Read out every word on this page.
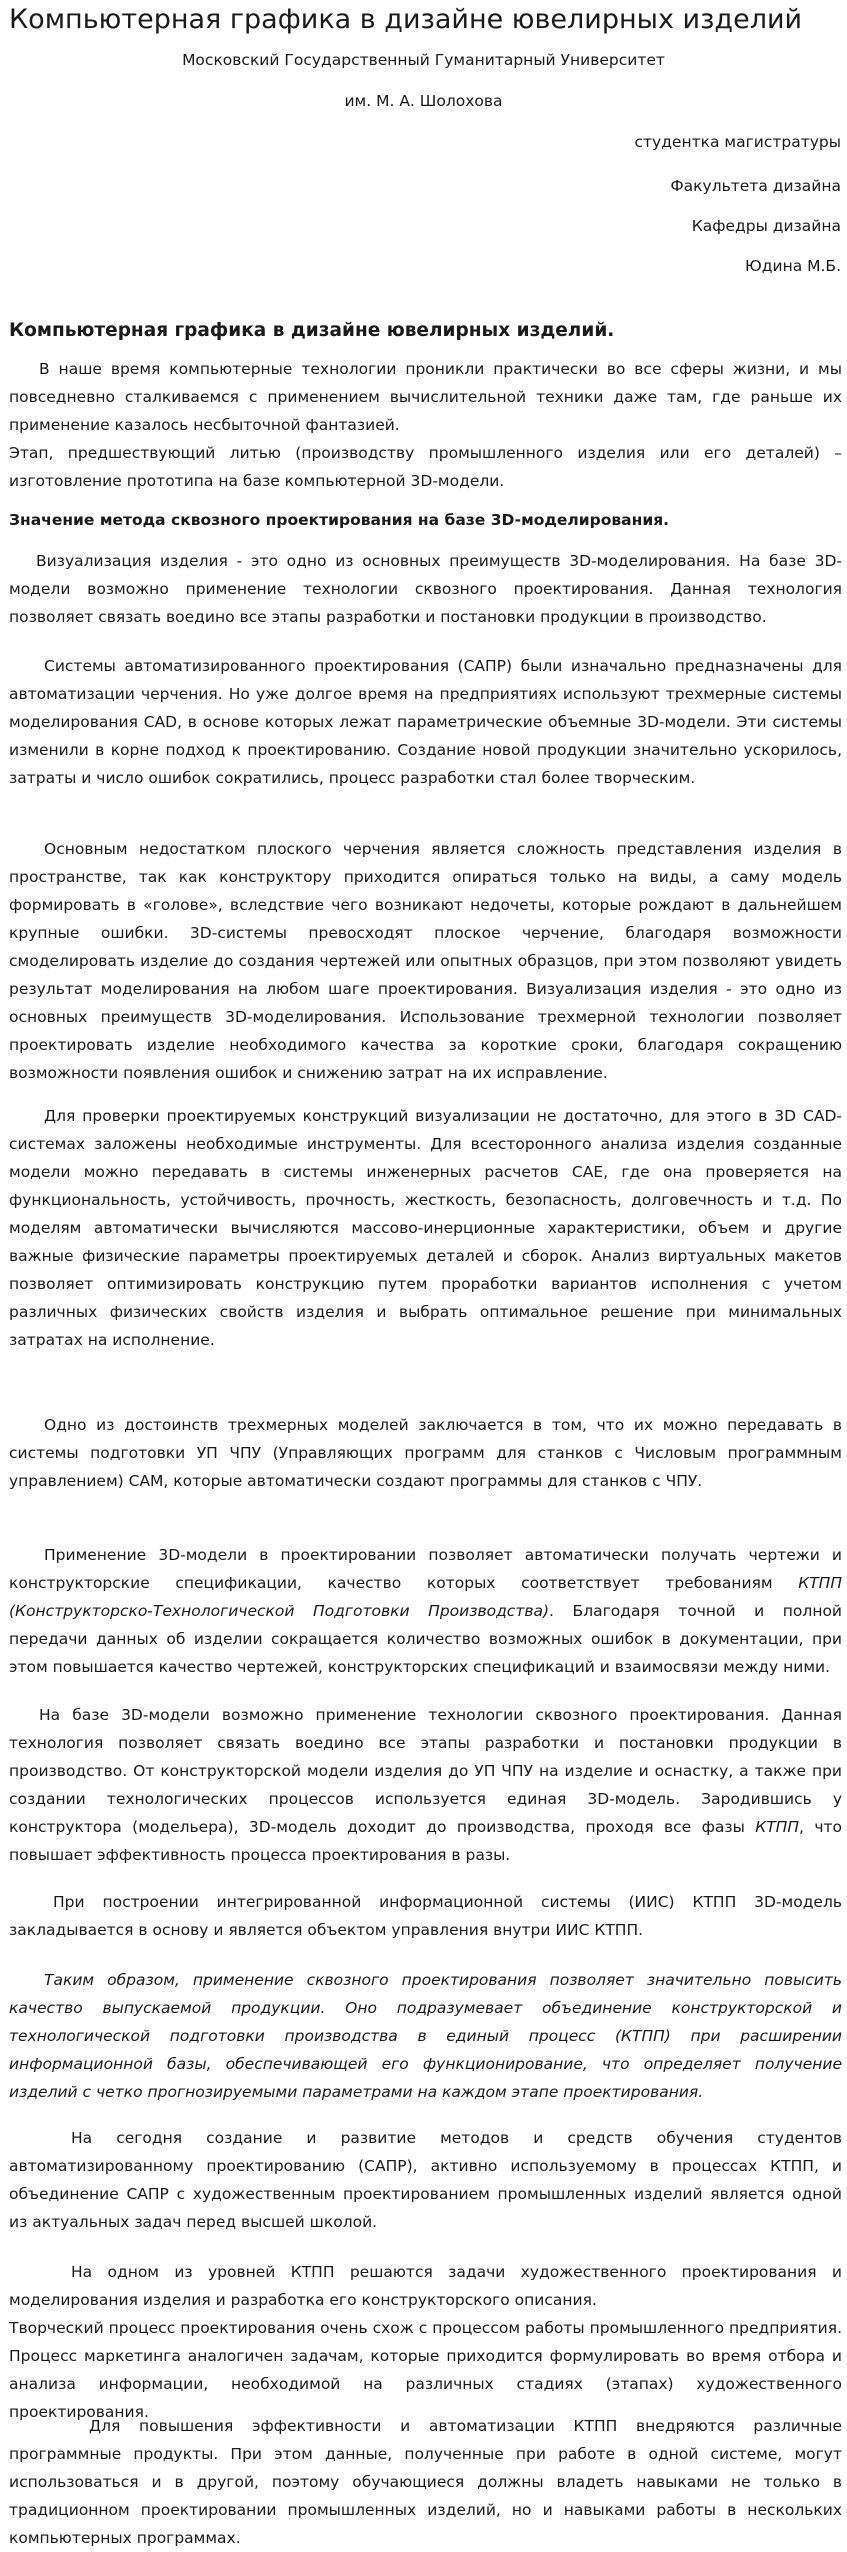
Компьютерная графика в дизайне ювелирных изделий
Московский Государственный Гуманитарный Университет
им. М. А. Шолохова
студентка магистратуры
Факультета дизайна
Кафедры дизайна
Юдина М.Б.
Компьютерная графика в дизайне ювелирных изделий.
В наше время компьютерные технологии проникли практически во все сферы жизни, и мы повседневно сталкиваемся с применением вычислительной техники даже там, где раньше их применение казалось несбыточной фантазией.
Этап, предшествующий литью (производству промышленного изделия или его деталей) – изготовление прототипа на базе компьютерной 3D-модели.
Значение метода сквозного проектирования на базе 3D-моделирования.
Визуализация изделия - это одно из основных преимуществ 3D-моделирования. На базе 3D-модели возможно применение технологии сквозного проектирования. Данная технология позволяет связать воедино все этапы разработки и постановки продукции в производство.
Системы автоматизированного проектирования (САПР) были изначально предназначены для автоматизации черчения. Но уже долгое время на предприятиях используют трехмерные системы моделирования CAD, в основе которых лежат параметрические объемные 3D-модели. Эти системы изменили в корне подход к проектированию. Создание новой продукции значительно ускорилось, затраты и число ошибок сократились, процесс разработки стал более творческим.
Основным недостатком плоского черчения является сложность представления изделия в пространстве, так как конструктору приходится опираться только на виды, а саму модель формировать в «голове», вследствие чего возникают недочеты, которые рождают в дальнейшем крупные ошибки. 3D-системы превосходят плоское черчение, благодаря возможности смоделировать изделие до создания чертежей или опытных образцов, при этом позволяют увидеть результат моделирования на любом шаге проектирования. Визуализация изделия - это одно из основных преимуществ 3D-моделирования. Использование трехмерной технологии позволяет проектировать изделие необходимого качества за короткие сроки, благодаря сокращению возможности появления ошибок и снижению затрат на их исправление.
Для проверки проектируемых конструкций визуализации не достаточно, для этого в 3D CAD-системах заложены необходимые инструменты. Для всесторонного анализа изделия созданные модели можно передавать в системы инженерных расчетов CAE, где она проверяется на функциональность, устойчивость, прочность, жесткость, безопасность, долговечность и т.д. По моделям автоматически вычисляются массово-инерционные характеристики, объем и другие важные физические параметры проектируемых деталей и сборок. Анализ виртуальных макетов позволяет оптимизировать конструкцию путем проработки вариантов исполнения с учетом различных физических свойств изделия и выбрать оптимальное решение при минимальных затратах на исполнение.
Одно из достоинств трехмерных моделей заключается в том, что их можно передавать в системы подготовки УП ЧПУ (Управляющих программ для станков с Числовым программным управлением) CAM, которые автоматически создают программы для станков с ЧПУ.
Применение 3D-модели в проектировании позволяет автоматически получать чертежи и конструкторские спецификации, качество которых соответствует требованиям КТПП (Конструкторско-Технологической Подготовки Производства). Благодаря точной и полной передачи данных об изделии сокращается количество возможных ошибок в документации, при этом повышается качество чертежей, конструкторских спецификаций и взаимосвязи между ними.
На базе 3D-модели возможно применение технологии сквозного проектирования. Данная технология позволяет связать воедино все этапы разработки и постановки продукции в производство. От конструкторской модели изделия до УП ЧПУ на изделие и оснастку, а также при создании технологических процессов используется единая 3D-модель. Зародившись у конструктора (модельера), 3D-модель доходит до производства, проходя все фазы КТПП, что повышает эффективность процесса проектирования в разы.
При построении интегрированной информационной системы (ИИС) КТПП 3D-модель закладывается в основу и является объектом управления внутри ИИС КТПП.
Таким образом, применение сквозного проектирования позволяет значительно повысить качество выпускаемой продукции. Оно подразумевает объединение конструкторской и технологической подготовки производства в единый процесс (КТПП) при расширении информационной базы, обеспечивающей его функционирование, что определяет получение изделий с четко прогнозируемыми параметрами на каждом этапе проектирования.
На сегодня создание и развитие методов и средств обучения студентов автоматизированному проектированию (САПР), активно используемому в процессах КТПП, и объединение САПР с художественным проектированием промышленных изделий является одной из актуальных задач перед высшей школой.
На одном из уровней КТПП решаются задачи художественного проектирования и моделирования изделия и разработка его конструкторского описания.
Творческий процесс проектирования очень схож с процессом работы промышленного предприятия. Процесс маркетинга аналогичен задачам, которые приходится формулировать во время отбора и анализа информации, необходимой на различных стадиях (этапах) художественного проектирования.
Для повышения эффективности и автоматизации КТПП внедряются различные программные продукты. При этом данные, полученные при работе в одной системе, могут использоваться и в другой, поэтому обучающиеся должны владеть навыками не только в традиционном проектировании промышленных изделий, но и навыками работы в нескольких компьютерных программах.
